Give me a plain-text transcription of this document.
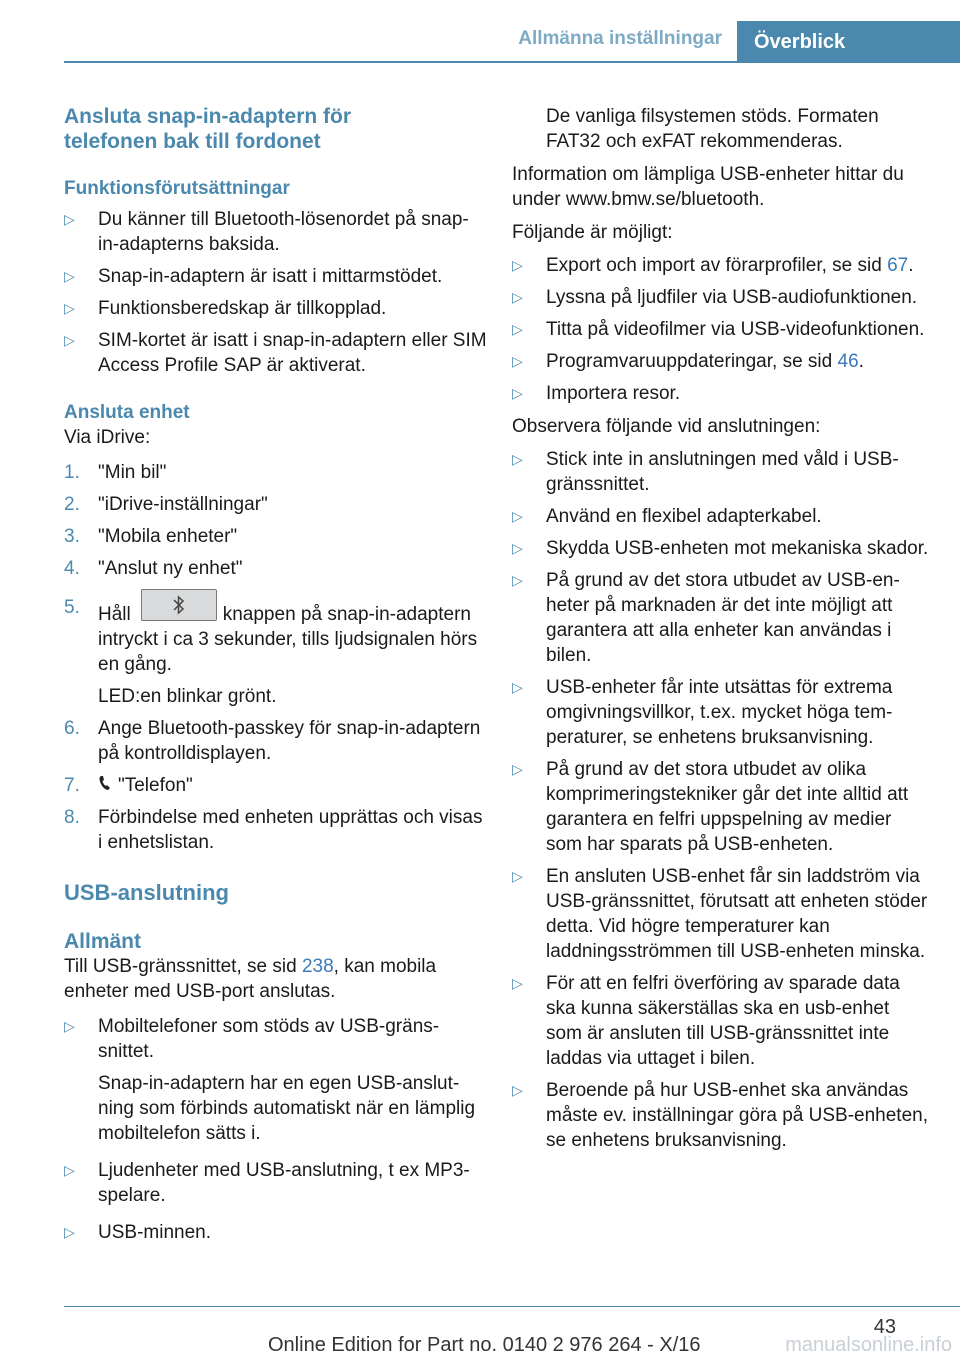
Allmänna inställningar	Överblick
Ansluta snap-in-adaptern för
telefonen bak till fordonet
Funktionsförutsättningar
▷ Du känner till Bluetooth-lösenordet på snap-in-adapterns baksida.
▷ Snap-in-adaptern är isatt i mittarmstödet.
▷ Funktionsberedskap är tillkopplad.
▷ SIM-kortet är isatt i snap-in-adaptern eller SIM Access Profile SAP är aktiverat.
Ansluta enhet

Via iDrive:

1. "Min bil"
2. "iDrive-inställningar"
3. "Mobila enheter"
4. "Anslut ny enhet"
5. Håll	knappen på snap-in-adaptern intryckt i ca 3 sekunder, tills ljudsignalen hörs en gång.
LED:en blinkar grönt.
6. Ange Bluetooth-passkey för snap-in-adaptern på kontrolldisplayen.
7. "Telefon"
8. Förbindelse med enheten upprättas och visas i enhetslistan.
USB-anslutning
Allmänt

Till USB-gränssnittet, se sid 238, kan mobila enheter med USB-port anslutas.

▷ Mobiltelefoner som stöds av USB-gränssnittet.
Snap-in-adaptern har en egen USB-anslutning som förbinds automatiskt när en lämplig mobiltelefon sätts i.
▷ Ljudenheter med USB-anslutning, t ex MP3-spelare.
▷ USB-minnen.

De vanliga filsystemen stöds. Formaten FAT32 och exFAT rekommenderas.

Information om lämpliga USB-enheter hittar du under www.bmw.se/bluetooth.

Följande är möjligt:

▷ Export och import av förarprofiler, se sid 67.
▷ Lyssna på ljudfiler via USB-audiofunktionen.
▷ Titta på videofilmer via USB-videofunktionen.
▷ Programvaruuppdateringar, se sid 46.
▷ Importera resor.

Observera följande vid anslutningen:

▷ Stick inte in anslutningen med våld i USB-gränssnittet.
▷ Använd en flexibel adapterkabel.
▷ Skydda USB-enheten mot mekaniska skador.
▷ På grund av det stora utbudet av USB-enheter på marknaden är det inte möjligt att garantera att alla enheter kan användas i bilen.
▷ USB-enheter får inte utsättas för extrema omgivningsvillkor, t.ex. mycket höga temperaturer, se enhetens bruksanvisning.
▷ På grund av det stora utbudet av olika komprimeringstekniker går det inte alltid att garantera en felfri uppspelning av medier som har sparats på USB-enheten.
▷ En ansluten USB-enhet får sin laddström via USB-gränssnittet, förutsatt att enheten stöder detta. Vid högre temperaturer kan laddningsströmmen till USB-enheten minska.
▷ För att en felfri överföring av sparade data ska kunna säkerställas ska en usb-enhet som är ansluten till USB-gränssnittet inte laddas via uttaget i bilen.
▷ Beroende på hur USB-enhet ska användas måste ev. inställningar göra på USB-enheten, se enhetens bruksanvisning.
43
Online Edition for Part no. 0140 2 976 264 - X/16	manualsonline.info
